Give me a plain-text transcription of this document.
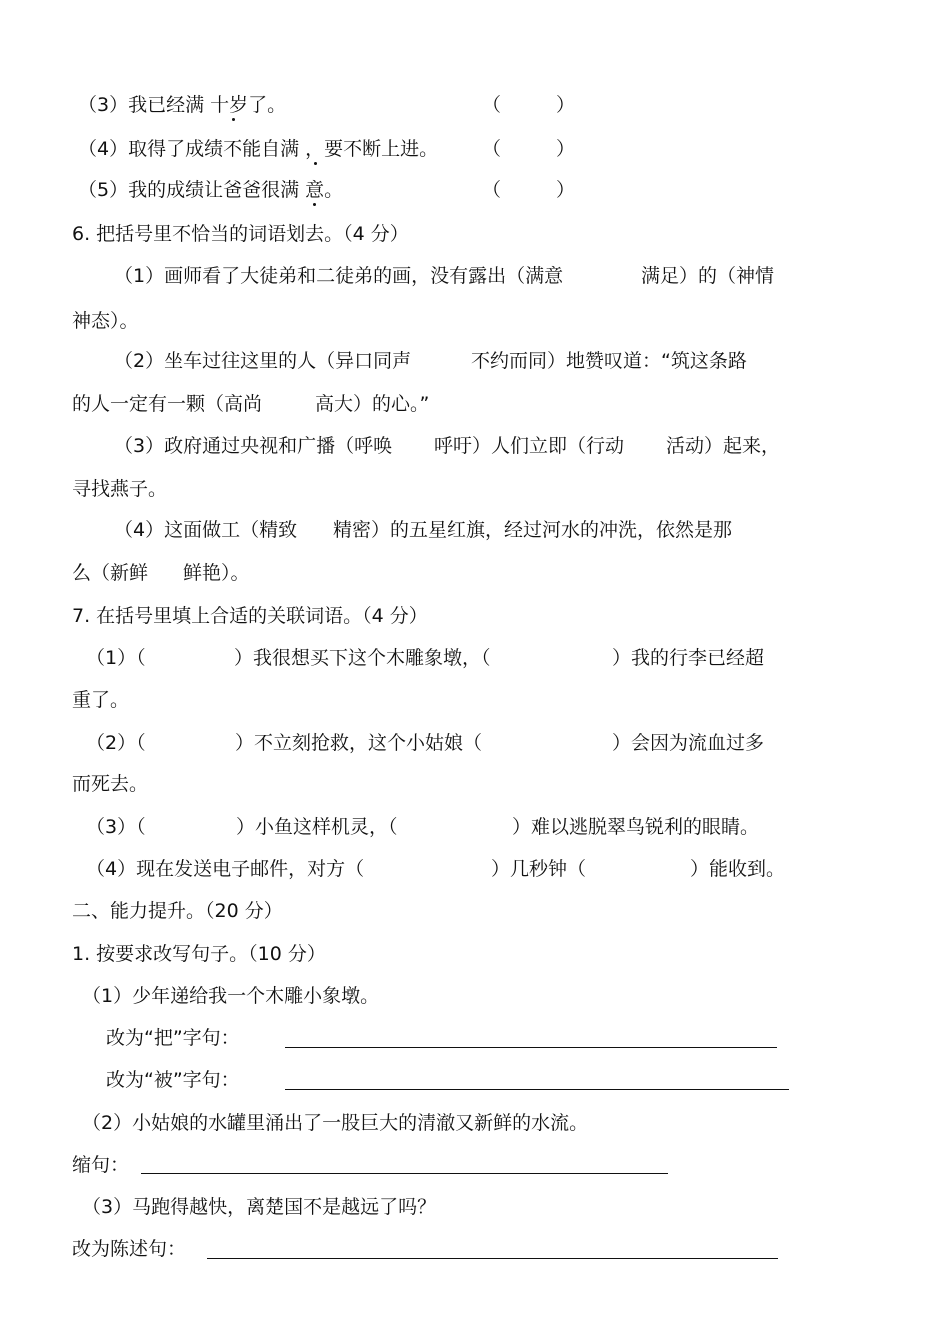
（3）我已经满 十岁了。	（	）
（4）取得了成绩不能自满 ，要不断上进。 （	）
（5）我的成绩让爸爸很满 意。	（	）
6. 把括号里不恰当的词语划去。（4 分）
（1）画师看了大徒弟和二徒弟的画，没有露出（满意	满足）的（神情
神态）。
（2）坐车过往这里的人（异口同声	不约而同）地赞叹道：“筑这条路
的人一定有一颗（高尚	高大）的心。”
（3）政府通过央视和广播（呼唤 呼吁）人们立即（行动 活动）起来，
寻找燕子。
（4）这面做工（精致 精密）的五星红旗，经过河水的冲洗，依然是那
么（新鲜 鲜艳）。
7. 在括号里填上合适的关联词语。（4 分）
（1）（	）我很想买下这个木雕象墩，（	）我的行李已经超
重了。
（2）（	）不立刻抢救，这个小姑娘（	）会因为流血过多
而死去。
（3）（	）小鱼这样机灵，（	）难以逃脱翠鸟锐利的眼睛。
（4）现在发送电子邮件，对方（	）几秒钟（	）能收到。
二、能力提升。（20 分）
1. 按要求改写句子。（10 分）
（1）少年递给我一个木雕小象墩。
改为“把”字句：
改为“被”字句：
（2）小姑娘的水罐里涌出了一股巨大的清澈又新鲜的水流。
缩句：
（3）马跑得越快，离楚国不是越远了吗？
改为陈述句：
